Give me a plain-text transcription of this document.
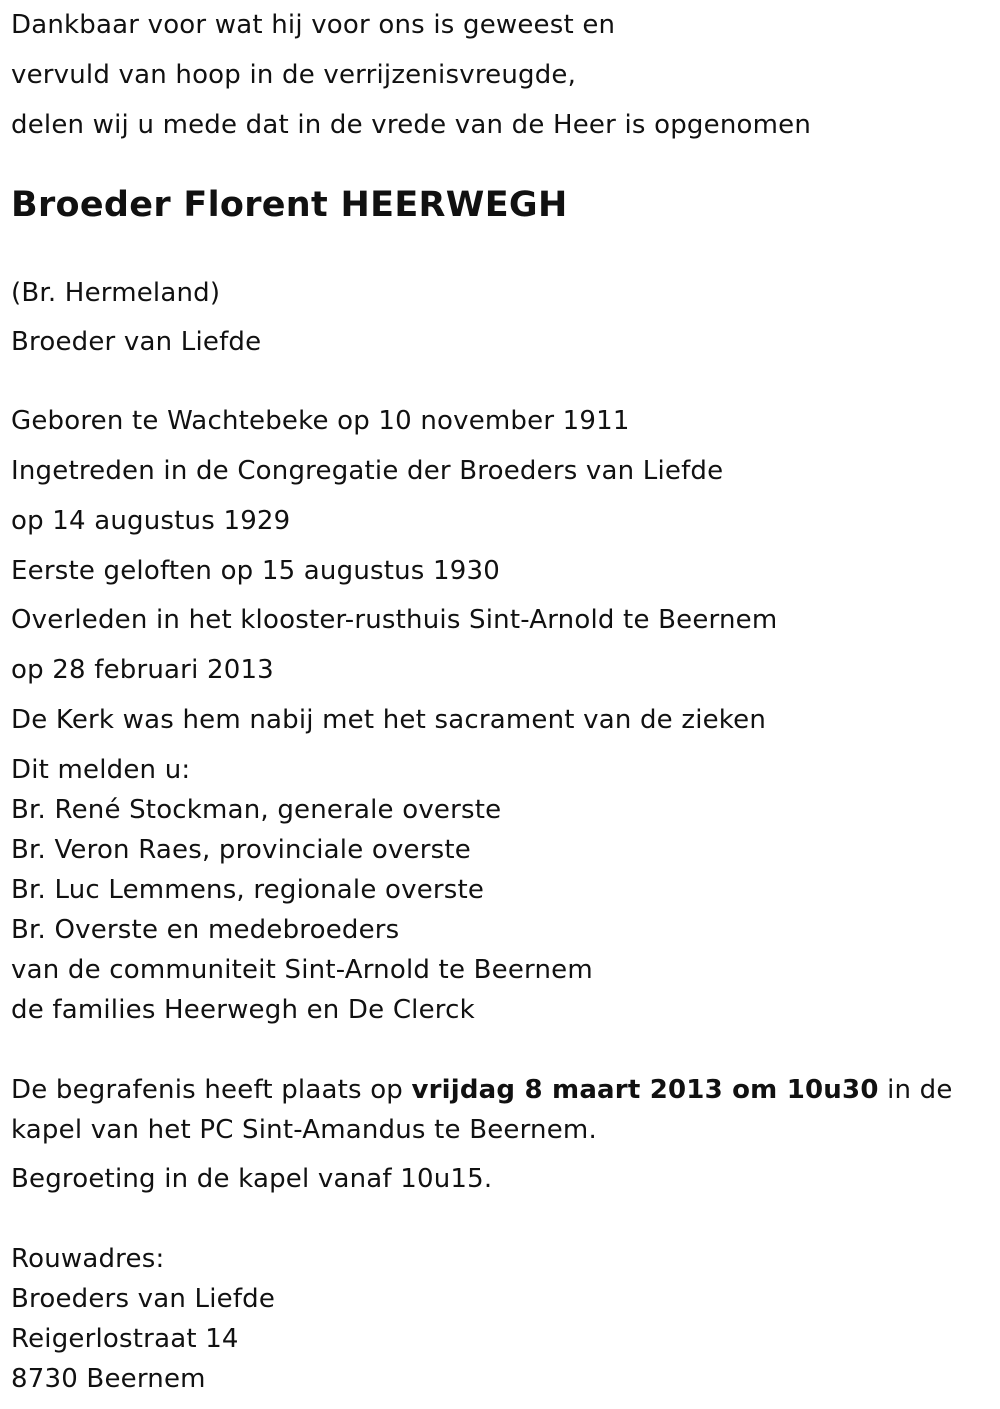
Dankbaar voor wat hij voor ons is geweest en
vervuld van hoop in de verrijzenisvreugde,
delen wij u mede dat in de vrede van de Heer is opgenomen
Broeder Florent HEERWEGH
(Br. Hermeland)
Broeder van Liefde
Geboren te Wachtebeke op 10 november 1911
Ingetreden in de Congregatie der Broeders van Liefde
op 14 augustus 1929
Eerste geloften op 15 augustus 1930
Overleden in het klooster-rusthuis Sint-Arnold te Beernem
op 28 februari 2013
De Kerk was hem nabij met het sacrament van de zieken
Dit melden u:
Br. René Stockman, generale overste
Br. Veron Raes, provinciale overste
Br. Luc Lemmens, regionale overste
Br. Overste en medebroeders
van de communiteit Sint-Arnold te Beernem
de families Heerwegh en De Clerck
De begrafenis heeft plaats op vrijdag 8 maart 2013 om 10u30 in de
kapel van het PC Sint-Amandus te Beernem.
Begroeting in de kapel vanaf 10u15.
Rouwadres:
Broeders van Liefde
Reigerlostraat 14
8730 Beernem
